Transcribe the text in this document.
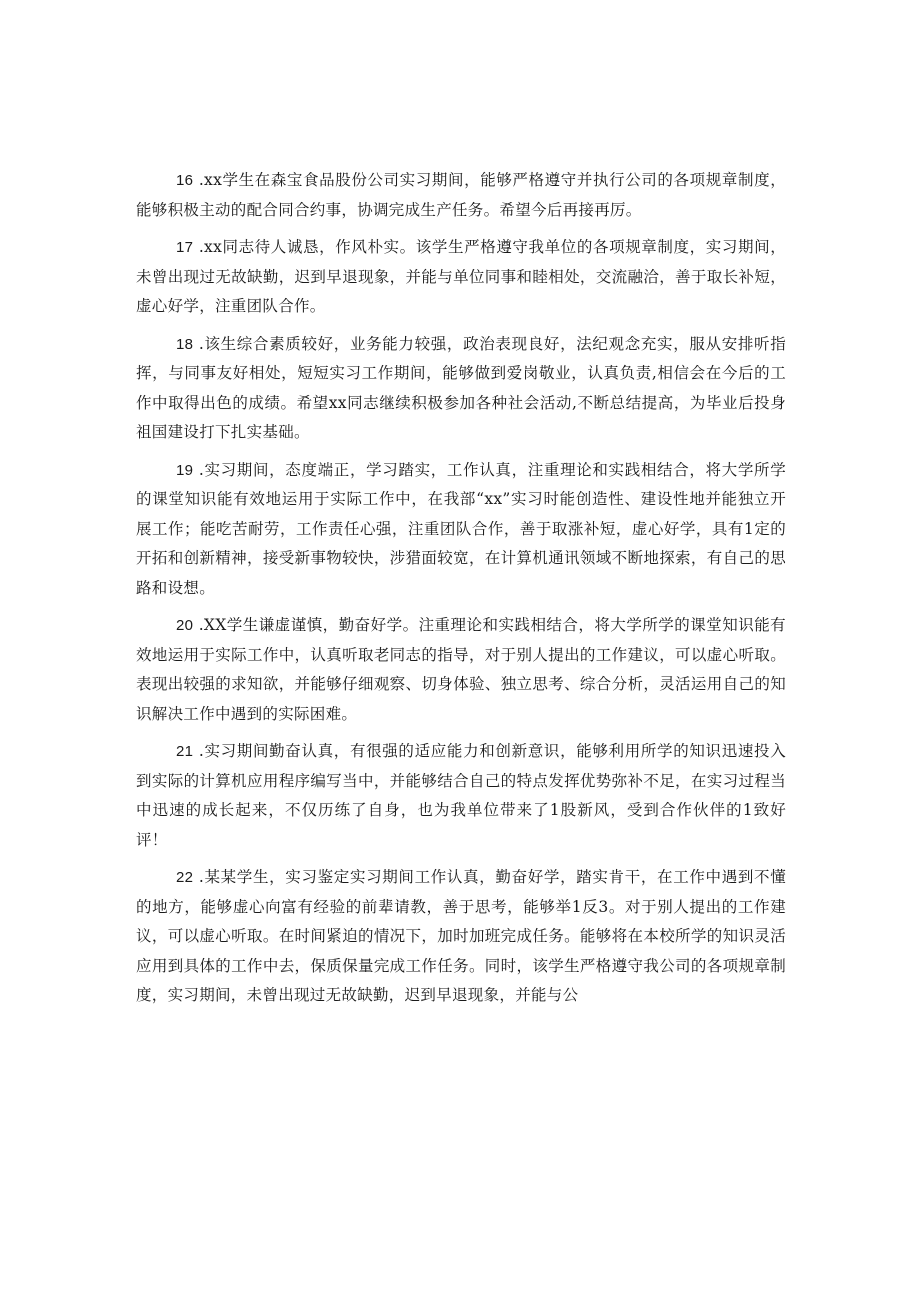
16 .xx学生在森宝食品股份公司实习期间，能够严格遵守并执行公司的各项规章制度，能够积极主动的配合同合约事，协调完成生产任务。希望今后再接再厉。

17 .xx同志待人诚恳，作风朴实。该学生严格遵守我单位的各项规章制度，实习期间，未曾出现过无故缺勤，迟到早退现象，并能与单位同事和睦相处，交流融洽，善于取长补短，虚心好学，注重团队合作。

18 .该生综合素质较好，业务能力较强，政治表现良好，法纪观念充实，服从安排听指挥，与同事友好相处，短短实习工作期间，能够做到爱岗敬业，认真负责,相信会在今后的工作中取得出色的成绩。希望xx同志继续积极参加各种社会活动,不断总结提高，为毕业后投身祖国建设打下扎实基础。

19 .实习期间，态度端正，学习踏实，工作认真，注重理论和实践相结合，将大学所学的课堂知识能有效地运用于实际工作中，在我部“xx”实习时能创造性、建设性地并能独立开展工作；能吃苦耐劳，工作责任心强，注重团队合作，善于取涨补短，虚心好学，具有1定的开拓和创新精神，接受新事物较快，涉猎面较宽，在计算机通讯领域不断地探索，有自己的思路和设想。

20 .XX学生谦虚谨慎，勤奋好学。注重理论和实践相结合，将大学所学的课堂知识能有效地运用于实际工作中，认真听取老同志的指导，对于别人提出的工作建议，可以虚心听取。表现出较强的求知欲，并能够仔细观察、切身体验、独立思考、综合分析，灵活运用自己的知识解决工作中遇到的实际困难。

21 .实习期间勤奋认真，有很强的适应能力和创新意识，能够利用所学的知识迅速投入到实际的计算机应用程序编写当中，并能够结合自己的特点发挥优势弥补不足，在实习过程当中迅速的成长起来，不仅历练了自身，也为我单位带来了1股新风，受到合作伙伴的1致好评！

22 .某某学生，实习鉴定实习期间工作认真，勤奋好学，踏实肯干，在工作中遇到不懂的地方，能够虚心向富有经验的前辈请教，善于思考，能够举1反3。对于别人提出的工作建议，可以虚心听取。在时间紧迫的情况下，加时加班完成任务。能够将在本校所学的知识灵活应用到具体的工作中去，保质保量完成工作任务。同时，该学生严格遵守我公司的各项规章制度，实习期间，未曾出现过无故缺勤，迟到早退现象，并能与公
